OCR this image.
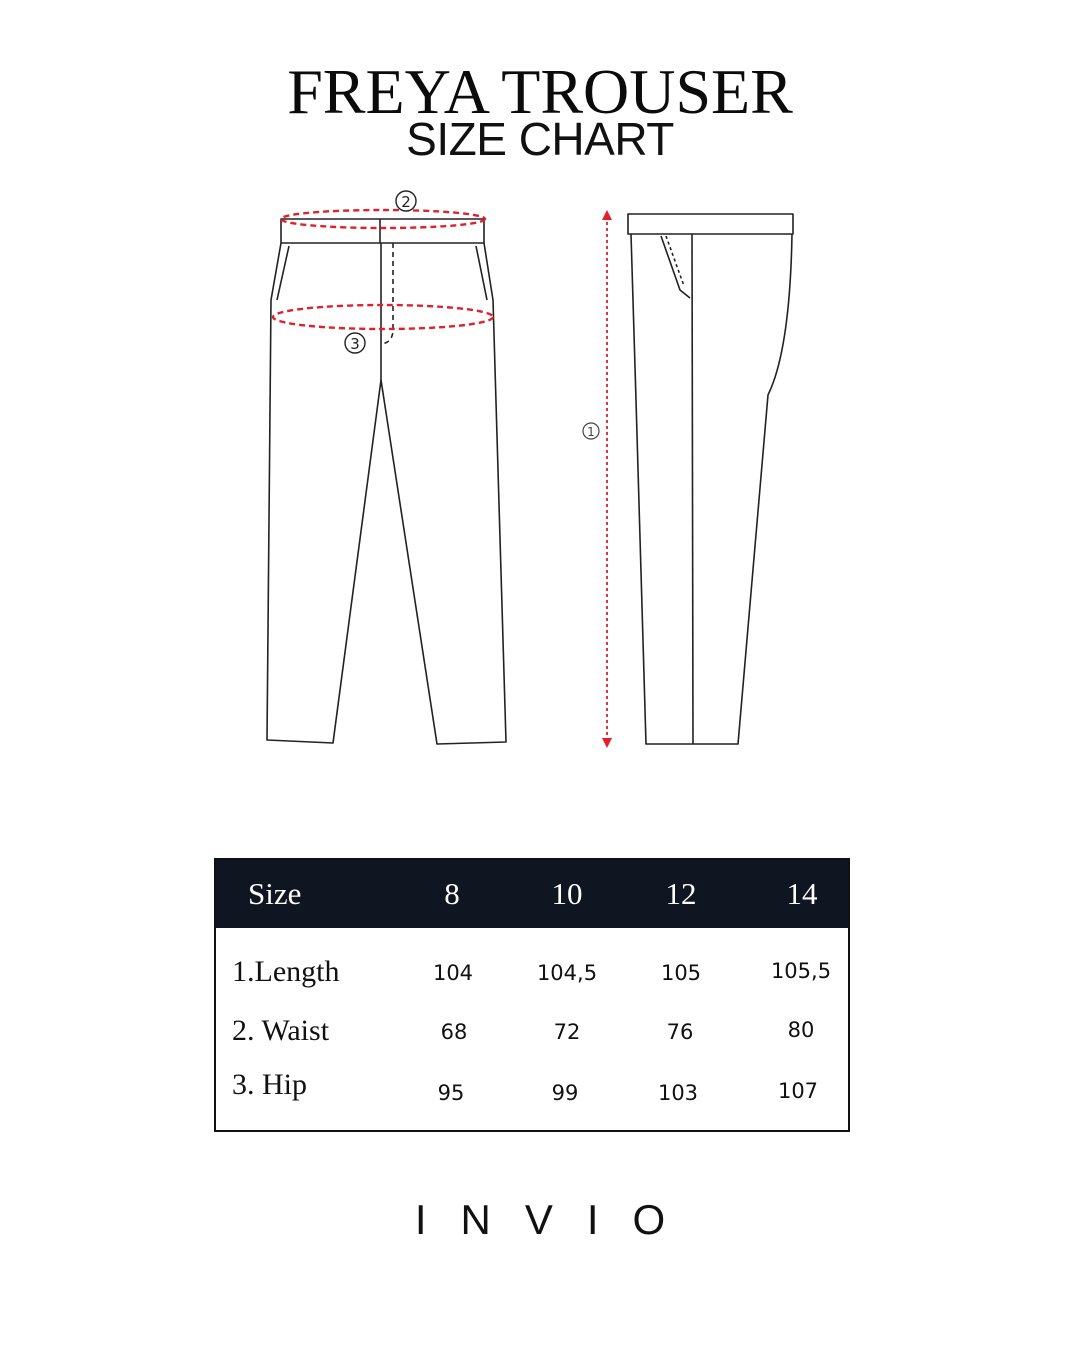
FREYA TROUSER
SIZE CHART
2
3
1
Size	8	10	12	14
1.Length	104	104,5	105	105,5
2. Waist	68	72	76	80
3. Hip	95	99	103	107
INVIO
